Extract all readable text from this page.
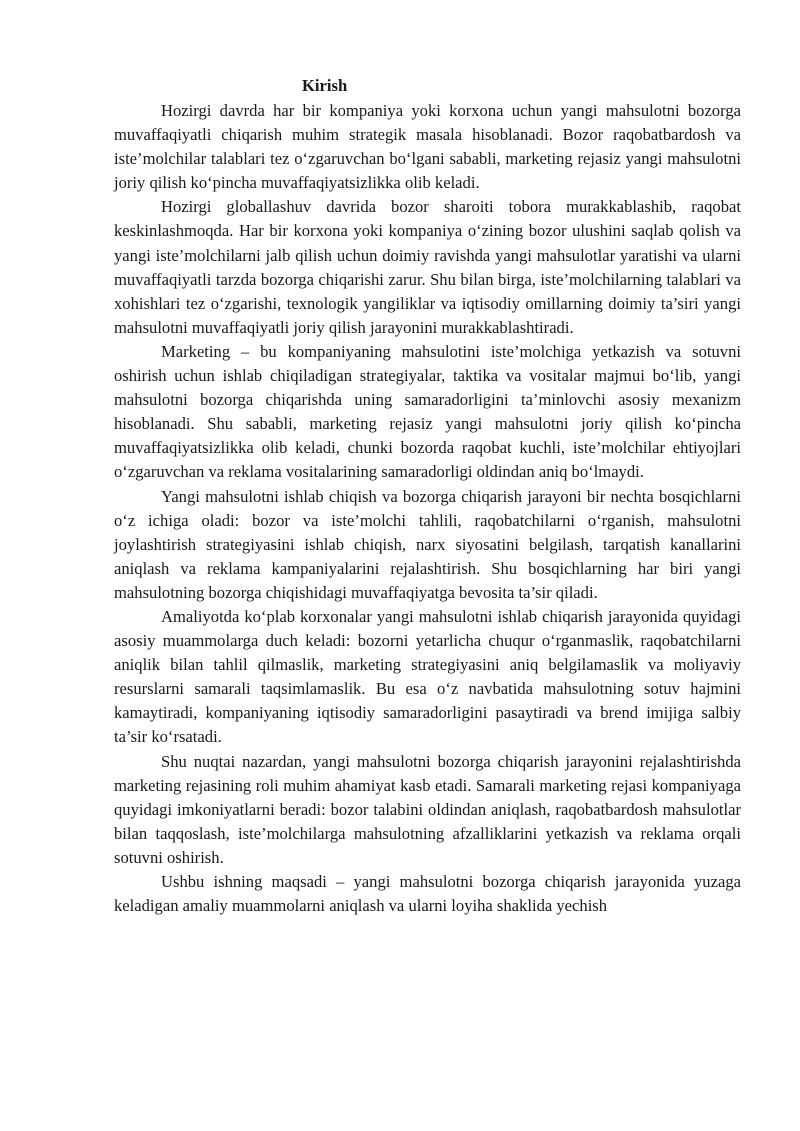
Kirish

Hozirgi davrda har bir kompaniya yoki korxona uchun yangi mahsulotni bozorga muvaffaqiyatli chiqarish muhim strategik masala hisoblanadi. Bozor raqobatbardosh va iste’molchilar talablari tez o‘zgaruvchan bo‘lgani sababli, marketing rejasiz yangi mahsulotni joriy qilish ko‘pincha muvaffaqiyatsizlikka olib keladi.

Hozirgi globallashuv davrida bozor sharoiti tobora murakkablashib, raqobat keskinlashmoqda. Har bir korxona yoki kompaniya o‘zining bozor ulushini saqlab qolish va yangi iste’molchilarni jalb qilish uchun doimiy ravishda yangi mahsulotlar yaratishi va ularni muvaffaqiyatli tarzda bozorga chiqarishi zarur. Shu bilan birga, iste’molchilarning talablari va xohishlari tez o‘zgarishi, texnologik yangiliklar va iqtisodiy omillarning doimiy ta’siri yangi mahsulotni muvaffaqiyatli joriy qilish jarayonini murakkablashtiradi.

Marketing – bu kompaniyaning mahsulotini iste’molchiga yetkazish va sotuvni oshirish uchun ishlab chiqiladigan strategiyalar, taktika va vositalar majmui bo‘lib, yangi mahsulotni bozorga chiqarishda uning samaradorligini ta’minlovchi asosiy mexanizm hisoblanadi. Shu sababli, marketing rejasiz yangi mahsulotni joriy qilish ko‘pincha muvaffaqiyatsizlikka olib keladi, chunki bozorda raqobat kuchli, iste’molchilar ehtiyojlari o‘zgaruvchan va reklama vositalarining samaradorligi oldindan aniq bo‘lmaydi.

Yangi mahsulotni ishlab chiqish va bozorga chiqarish jarayoni bir nechta bosqichlarni o‘z ichiga oladi: bozor va iste’molchi tahlili, raqobatchilarni o‘rganish, mahsulotni joylashtirish strategiyasini ishlab chiqish, narx siyosatini belgilash, tarqatish kanallarini aniqlash va reklama kampaniyalarini rejalashtirish. Shu bosqichlarning har biri yangi mahsulotning bozorga chiqishidagi muvaffaqiyatga bevosita ta’sir qiladi.

Amaliyotda ko‘plab korxonalar yangi mahsulotni ishlab chiqarish jarayonida quyidagi asosiy muammolarga duch keladi: bozorni yetarlicha chuqur o‘rganmaslik, raqobatchilarni aniqlik bilan tahlil qilmaslik, marketing strategiyasini aniq belgilamaslik va moliyaviy resurslarni samarali taqsimlamaslik. Bu esa o‘z navbatida mahsulotning sotuv hajmini kamaytiradi, kompaniyaning iqtisodiy samaradorligini pasaytiradi va brend imijiga salbiy ta’sir ko‘rsatadi.

Shu nuqtai nazardan, yangi mahsulotni bozorga chiqarish jarayonini rejalashtirishda marketing rejasining roli muhim ahamiyat kasb etadi. Samarali marketing rejasi kompaniyaga quyidagi imkoniyatlarni beradi: bozor talabini oldindan aniqlash, raqobatbardosh mahsulotlar bilan taqqoslash, iste’molchilarga mahsulotning afzalliklarini yetkazish va reklama orqali sotuvni oshirish.

Ushbu ishning maqsadi – yangi mahsulotni bozorga chiqarish jarayonida yuzaga keladigan amaliy muammolarni aniqlash va ularni loyiha shaklida yechish
